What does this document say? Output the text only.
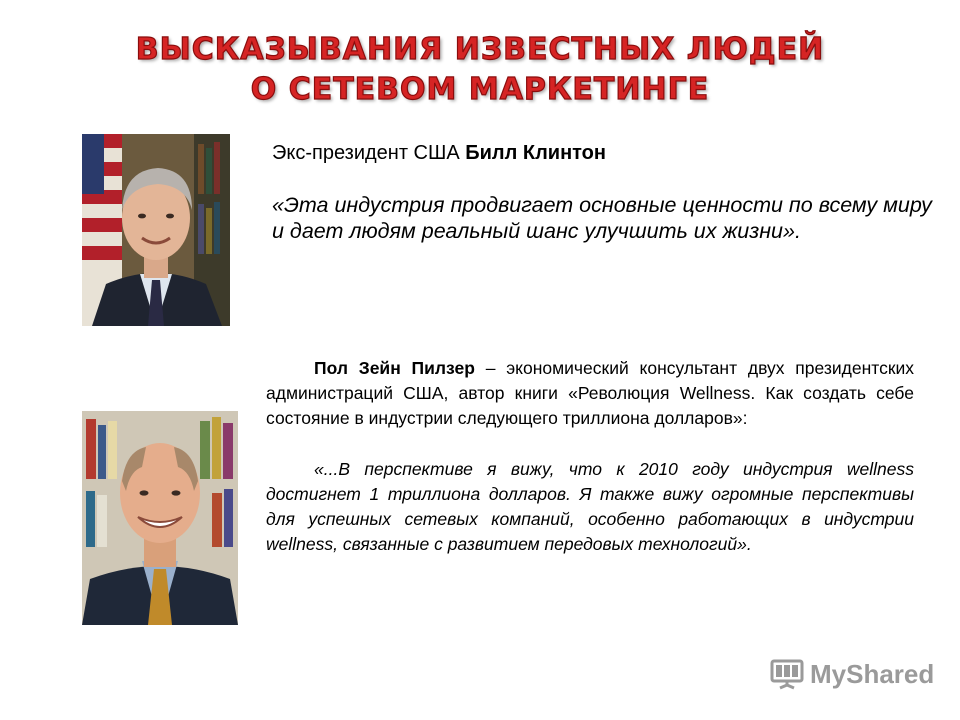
ВЫСКАЗЫВАНИЯ ИЗВЕСТНЫХ ЛЮДЕЙ
О СЕТЕВОМ МАРКЕТИНГЕ
Экс-президент США Билл Клинтон
«Эта индустрия продвигает основные ценности по всему миру и дает людям реальный шанс улучшить их жизни».

Пол Зейн Пилзер – экономический консультант двух президентских администраций США, автор книги «Революция Wellness. Как создать себе состояние в индустрии следующего триллиона долларов»:

«...В перспективе я вижу, что к 2010 году индустрия wellness достигнет 1 триллиона долларов. Я также вижу огромные перспективы для успешных сетевых компаний, особенно работающих в индустрии wellness, связанные с развитием передовых технологий».

MyShared
